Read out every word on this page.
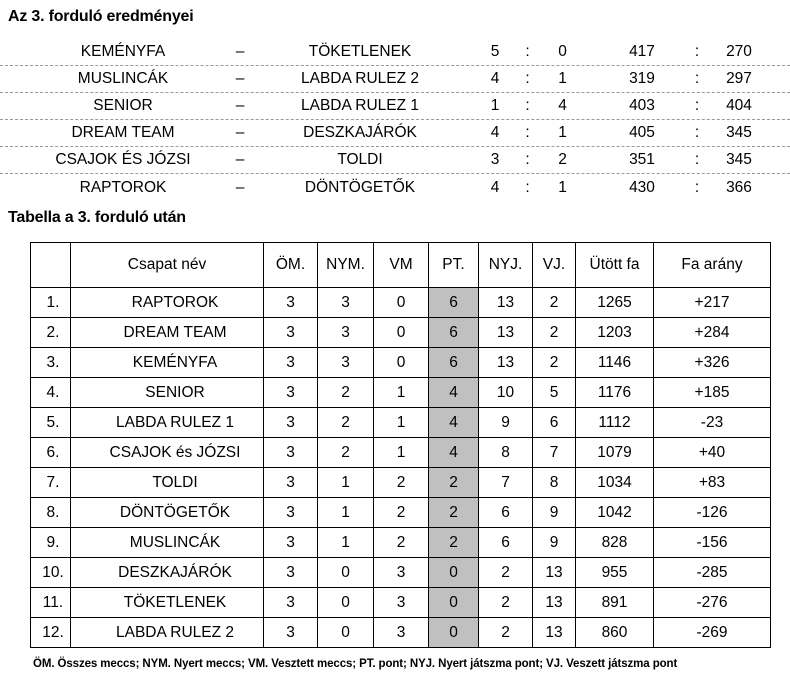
Az 3. forduló eredményei
KEMÉNYFA	–	TÖKETLENEK	5	:	0	417	:	270
MUSLINCÁK	–	LABDA RULEZ 2	4	:	1	319	:	297
SENIOR	–	LABDA RULEZ 1	1	:	4	403	:	404
DREAM TEAM	–	DESZKAJÁRÓK	4	:	1	405	:	345
CSAJOK ÉS JÓZSI	–	TOLDI	3	:	2	351	:	345
RAPTOROK	–	DÖNTÖGETŐK	4	:	1	430	:	366
Tabella a 3. forduló után
	Csapat név	ÖM.	NYM.	VM	PT.	NYJ.	VJ.	Ütött fa	Fa arány
1.	RAPTOROK	3	3	0	6	13	2	1265	+217
2.	DREAM TEAM	3	3	0	6	13	2	1203	+284
3.	KEMÉNYFA	3	3	0	6	13	2	1146	+326
4.	SENIOR	3	2	1	4	10	5	1176	+185
5.	LABDA RULEZ 1	3	2	1	4	9	6	1112	-23
6.	CSAJOK és JÓZSI	3	2	1	4	8	7	1079	+40
7.	TOLDI	3	1	2	2	7	8	1034	+83
8.	DÖNTÖGETŐK	3	1	2	2	6	9	1042	-126
9.	MUSLINCÁK	3	1	2	2	6	9	828	-156
10.	DESZKAJÁRÓK	3	0	3	0	2	13	955	-285
11.	TÖKETLENEK	3	0	3	0	2	13	891	-276
12.	LABDA RULEZ 2	3	0	3	0	2	13	860	-269

ÖM. Összes meccs; NYM. Nyert meccs; VM. Vesztett meccs; PT. pont; NYJ. Nyert játszma pont; VJ. Veszett játszma pont
